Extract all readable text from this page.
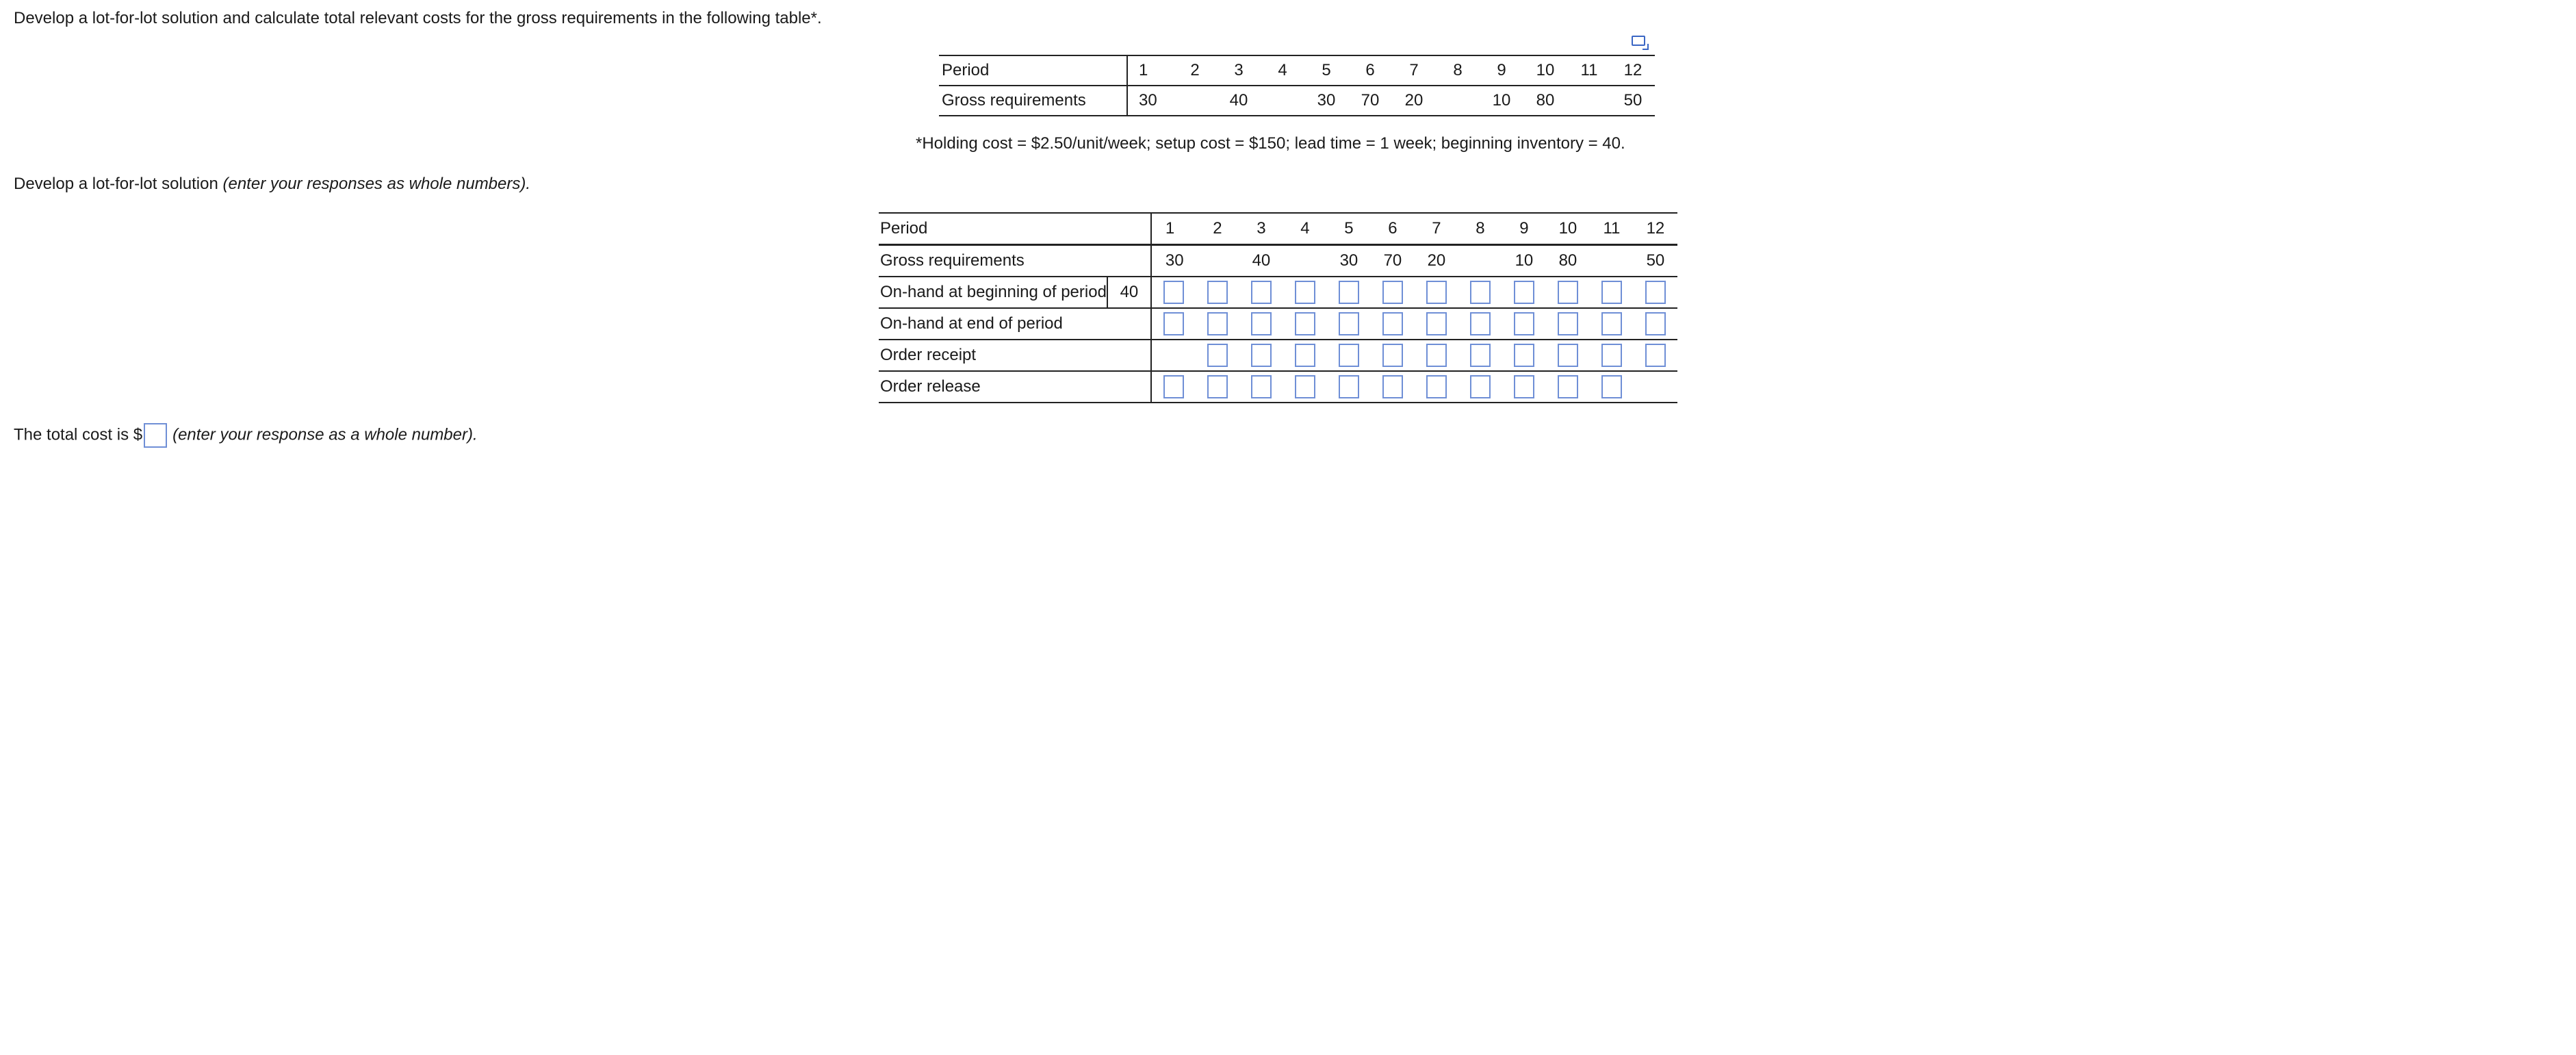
Develop a lot-for-lot solution and calculate total relevant costs for the gross requirements in the following table*.
Period	1	2	3	4	5	6	7	8	9	10	11	12
Gross requirements	30		40		30	70	20		10	80		50
*Holding cost = $2.50/unit/week; setup cost = $150; lead time = 1 week; beginning inventory = 40.
Develop a lot-for-lot solution (enter your responses as whole numbers).
Period		1	2	3	4	5	6	7	8	9	10	11	12
Gross requirements		30		40		30	70	20		10	80		50
On-hand at beginning of period	40												
On-hand at end of period													
Order receipt													
Order release													
The total cost is $ (enter your response as a whole number).
